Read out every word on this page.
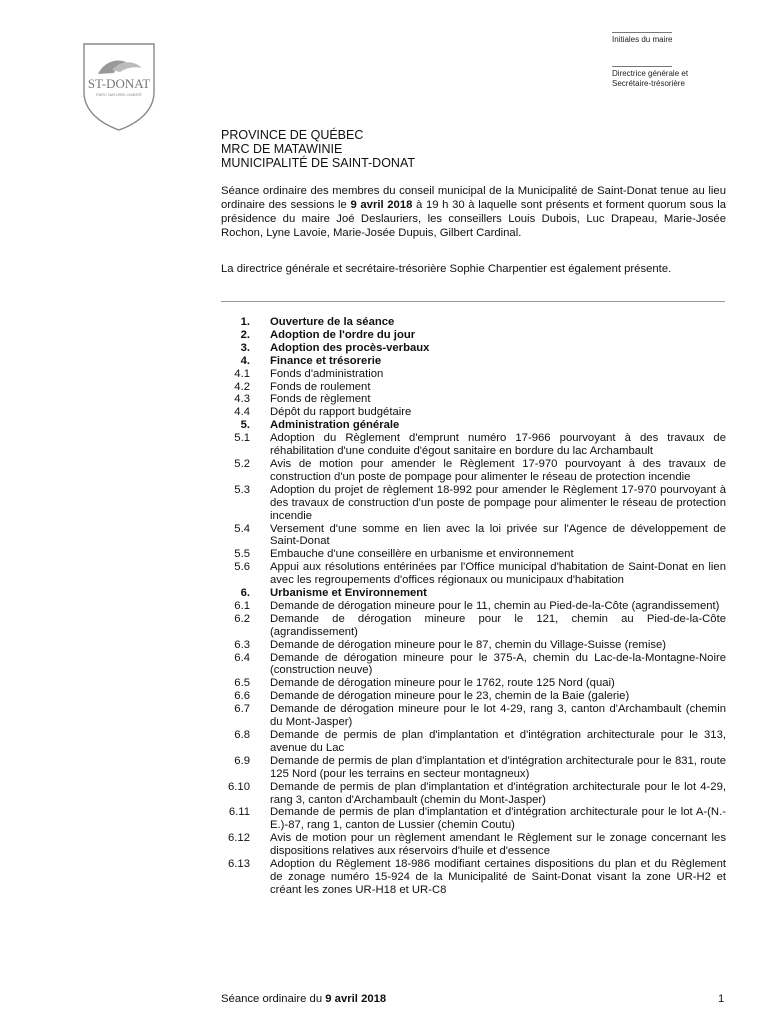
ST-DONAT
PARC NATUREL HABITÉ
Initiales du maire
Directrice générale et
Secrétaire-trésorière
PROVINCE DE QUÉBEC
MRC DE MATAWINIE
MUNICIPALITÉ DE SAINT-DONAT
Séance ordinaire des membres du conseil municipal de la Municipalité de Saint-Donat tenue au lieu ordinaire des sessions le 9 avril 2018 à 19 h 30 à laquelle sont présents et forment quorum sous la présidence du maire Joé Deslauriers, les conseillers Louis Dubois, Luc Drapeau, Marie-Josée Rochon, Lyne Lavoie, Marie-Josée Dupuis, Gilbert Cardinal.
La directrice générale et secrétaire-trésorière Sophie Charpentier est également présente.
1. Ouverture de la séance
2. Adoption de l'ordre du jour
3. Adoption des procès-verbaux
4. Finance et trésorerie
4.1 Fonds d'administration
4.2 Fonds de roulement
4.3 Fonds de règlement
4.4 Dépôt du rapport budgétaire
5. Administration générale
5.1 Adoption du Règlement d'emprunt numéro 17-966 pourvoyant à des travaux de réhabilitation d'une conduite d'égout sanitaire en bordure du lac Archambault
5.2 Avis de motion pour amender le Règlement 17-970 pourvoyant à des travaux de construction d'un poste de pompage pour alimenter le réseau de protection incendie
5.3 Adoption du projet de règlement 18-992 pour amender le Règlement 17-970 pourvoyant à des travaux de construction d'un poste de pompage pour alimenter le réseau de protection incendie
5.4 Versement d'une somme en lien avec la loi privée sur l'Agence de développement de Saint-Donat
5.5 Embauche d'une conseillère en urbanisme et environnement
5.6 Appui aux résolutions entérinées par l'Office municipal d'habitation de Saint-Donat en lien avec les regroupements d'offices régionaux ou municipaux d'habitation
6. Urbanisme et Environnement
6.1 Demande de dérogation mineure pour le 11, chemin au Pied-de-la-Côte (agrandissement)
6.2 Demande de dérogation mineure pour le 121, chemin au Pied-de-la-Côte (agrandissement)
6.3 Demande de dérogation mineure pour le 87, chemin du Village-Suisse (remise)
6.4 Demande de dérogation mineure pour le 375-A, chemin du Lac-de-la-Montagne-Noire (construction neuve)
6.5 Demande de dérogation mineure pour le 1762, route 125 Nord (quai)
6.6 Demande de dérogation mineure pour le 23, chemin de la Baie (galerie)
6.7 Demande de dérogation mineure pour le lot 4-29, rang 3, canton d'Archambault (chemin du Mont-Jasper)
6.8 Demande de permis de plan d'implantation et d'intégration architecturale pour le 313, avenue du Lac
6.9 Demande de permis de plan d'implantation et d'intégration architecturale pour le 831, route 125 Nord (pour les terrains en secteur montagneux)
6.10 Demande de permis de plan d'implantation et d'intégration architecturale pour le lot 4-29, rang 3, canton d'Archambault (chemin du Mont-Jasper)
6.11 Demande de permis de plan d'implantation et d'intégration architecturale pour le lot A-(N.-E.)-87, rang 1, canton de Lussier (chemin Coutu)
6.12 Avis de motion pour un règlement amendant le Règlement sur le zonage concernant les dispositions relatives aux réservoirs d'huile et d'essence
6.13 Adoption du Règlement 18-986 modifiant certaines dispositions du plan et du Règlement de zonage numéro 15-924 de la Municipalité de Saint-Donat visant la zone UR-H2 et créant les zones UR-H18 et UR-C8
Séance ordinaire du 9 avril 2018	1
